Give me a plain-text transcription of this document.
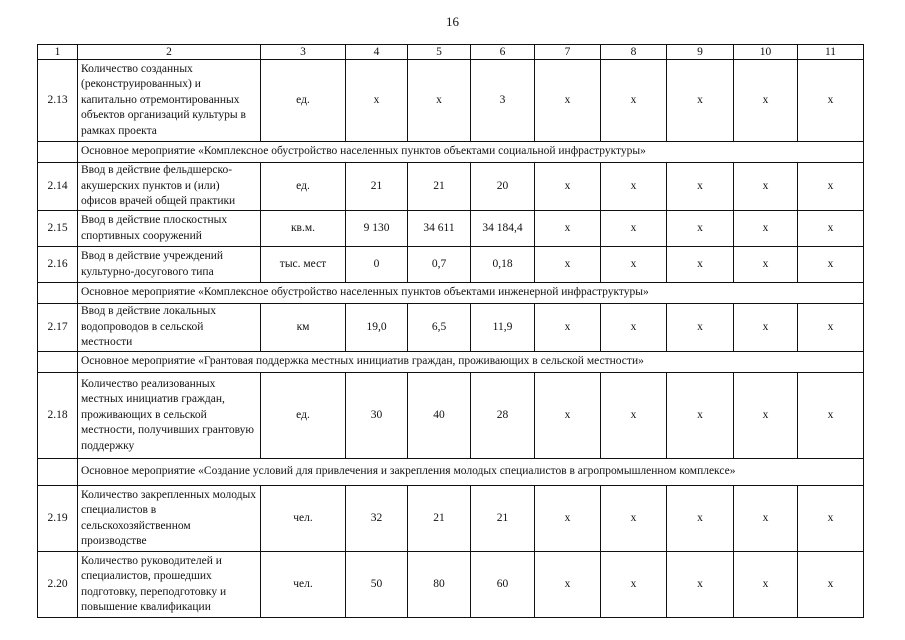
16
1	2	3	4	5	6	7	8	9	10	11
2.13	Количество созданных (реконструированных) и капитально отремонтированных объектов организаций культуры в рамках проекта	ед.	х	х	3	х	х	х	х	х
	Основное мероприятие «Комплексное обустройство населенных пунктов объектами социальной инфраструктуры»									
2.14	Ввод в действие фельдшерско-акушерских пунктов и (или) офисов врачей общей практики	ед.	21	21	20	х	х	х	х	х
2.15	Ввод в действие плоскостных спортивных сооружений	кв.м.	9 130	34 611	34 184,4	х	х	х	х	х
2.16	Ввод в действие учреждений культурно-досугового типа	тыс. мест	0	0,7	0,18	х	х	х	х	х
	Основное мероприятие «Комплексное обустройство населенных пунктов объектами инженерной инфраструктуры»									
2.17	Ввод в действие локальных водопроводов в сельской местности	км	19,0	6,5	11,9	х	х	х	х	х
	Основное мероприятие «Грантовая поддержка местных инициатив граждан, проживающих в сельской местности»									
2.18	Количество реализованных местных инициатив граждан, проживающих в сельской местности, получивших грантовую поддержку	ед.	30	40	28	х	х	х	х	х
	Основное мероприятие «Создание условий для привлечения и закрепления молодых специалистов в агропромышленном комплексе»									
2.19	Количество закрепленных молодых специалистов в сельскохозяйственном производстве	чел.	32	21	21	х	х	х	х	х
2.20	Количество руководителей и специалистов, прошедших подготовку, переподготовку и повышение квалификации	чел.	50	80	60	х	х	х	х	х
